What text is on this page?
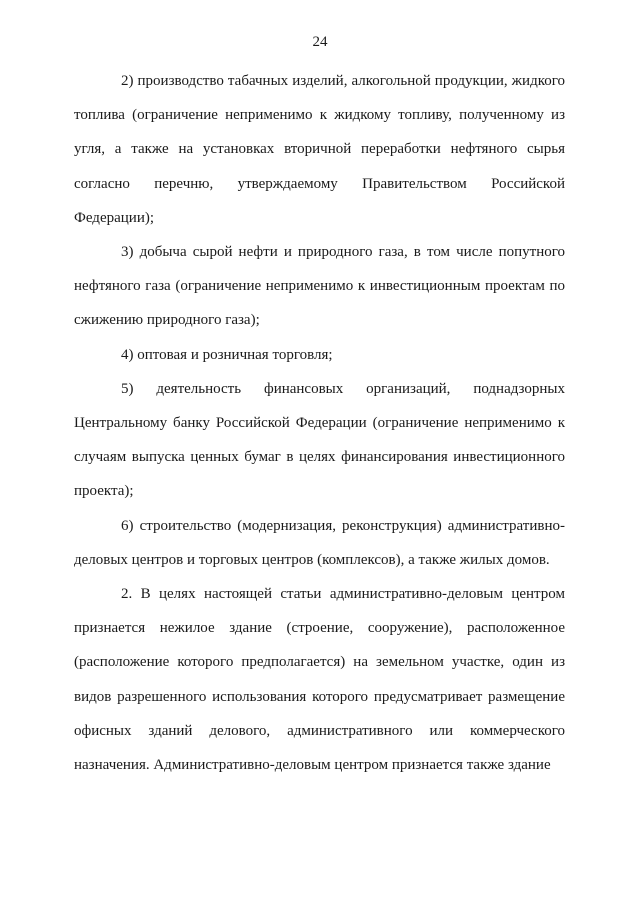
24

2) производство табачных изделий, алкогольной продукции, жидкого топлива (ограничение неприменимо к жидкому топливу, полученному из угля, а также на установках вторичной переработки нефтяного сырья согласно перечню, утверждаемому Правительством Российской Федерации);

3) добыча сырой нефти и природного газа, в том числе попутного нефтяного газа (ограничение неприменимо к инвестиционным проектам по сжижению природного газа);

4) оптовая и розничная торговля;

5) деятельность финансовых организаций, поднадзорных Центральному банку Российской Федерации (ограничение неприменимо к случаям выпуска ценных бумаг в целях финансирования инвестиционного проекта);

6) строительство (модернизация, реконструкция) административно-деловых центров и торговых центров (комплексов), а также жилых домов.

2. В целях настоящей статьи административно-деловым центром признается нежилое здание (строение, сооружение), расположенное (расположение которого предполагается) на земельном участке, один из видов разрешенного использования которого предусматривает размещение офисных зданий делового, административного или коммерческого назначения. Административно-деловым центром признается также здание
